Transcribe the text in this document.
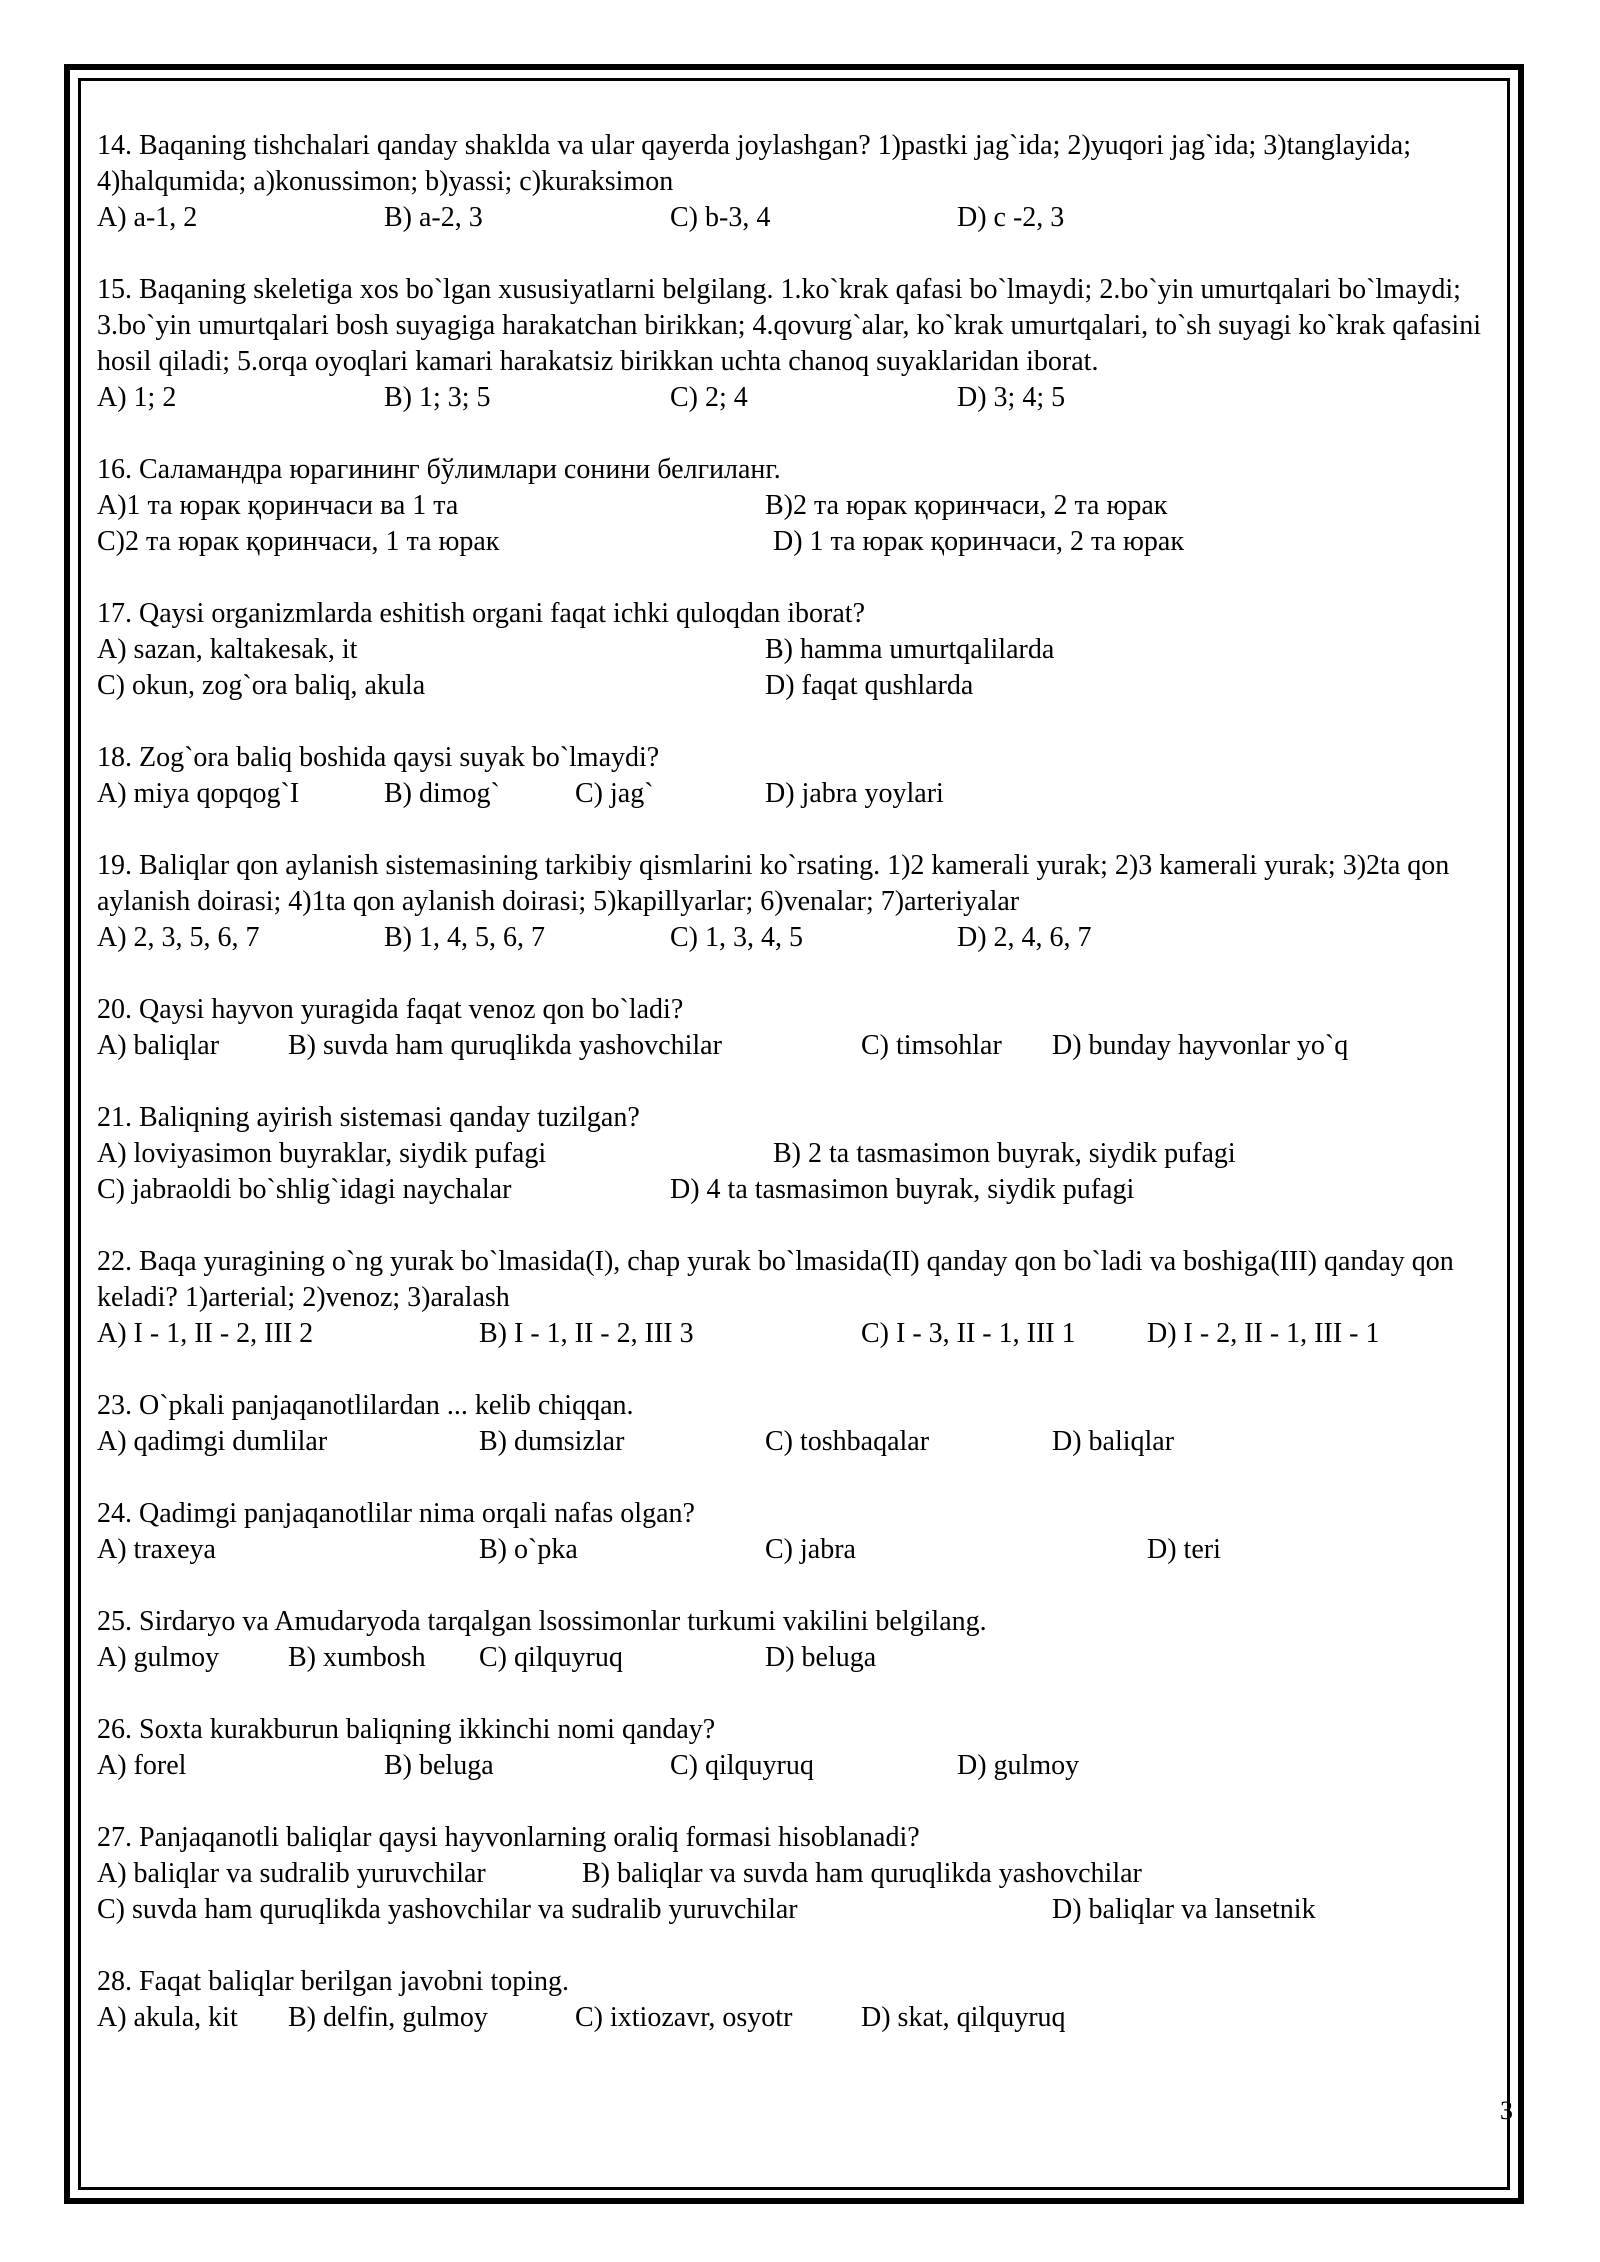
14. Baqaning tishchalari qanday shaklda va ular qayerda joylashgan? 1)pastki jag`ida; 2)yuqori jag`ida; 3)tanglayida; 4)halqumida; a)konussimon; b)yassi; c)kuraksimon

A) a-1, 2	B) a-2, 3	C) b-3, 4	D) c -2, 3

15. Baqaning skeletiga xos bo`lgan xususiyatlarni belgilang. 1.ko`krak qafasi bo`lmaydi; 2.bo`yin umurtqalari bo`lmaydi; 3.bo`yin umurtqalari bosh suyagiga harakatchan birikkan; 4.qovurg`alar, ko`krak umurtqalari, to`sh suyagi ko`krak qafasini hosil qiladi; 5.orqa oyoqlari kamari harakatsiz birikkan uchta chanoq suyaklaridan iborat.

A) 1; 2	B) 1; 3; 5	C) 2; 4	D) 3; 4; 5

16. Саламандра юрагининг бўлимлари сонини белгиланг.

A)1 та юрак қоринчаси ва 1 та	B)2 та юрак қоринчаси, 2 та юрак
C)2 та юрак қоринчаси, 1 та юрак	D) 1 та юрак қоринчаси, 2 та юрак

17. Qaysi organizmlarda eshitish organi faqat ichki quloqdan iborat?

A) sazan, kaltakesak, it	B) hamma umurtqalilarda
C) okun, zog`ora baliq, akula	D) faqat qushlarda

18. Zog`ora baliq boshida qaysi suyak bo`lmaydi?

A) miya qopqog`I	B) dimog`	C) jag`	D) jabra yoylari

19. Baliqlar qon aylanish sistemasining tarkibiy qismlarini ko`rsating. 1)2 kamerali yurak; 2)3 kamerali yurak; 3)2ta qon aylanish doirasi; 4)1ta qon aylanish doirasi; 5)kapillyarlar; 6)venalar; 7)arteriyalar

A) 2, 3, 5, 6, 7	B) 1, 4, 5, 6, 7	C) 1, 3, 4, 5	D) 2, 4, 6, 7

20. Qaysi hayvon yuragida faqat venoz qon bo`ladi?

A) baliqlar B) suvda ham quruqlikda yashovchilar	C) timsohlar D) bunday hayvonlar yo`q

21. Baliqning ayirish sistemasi qanday tuzilgan?

A) loviyasimon buyraklar, siydik pufagi	B) 2 ta tasmasimon buyrak, siydik pufagi
C) jabraoldi bo`shlig`idagi naychalar	D) 4 ta tasmasimon buyrak, siydik pufagi

22. Baqa yuragining o`ng yurak bo`lmasida(I), chap yurak bo`lmasida(II) qanday qon bo`ladi va boshiga(III) qanday qon keladi? 1)arterial; 2)venoz; 3)aralash

A) I - 1, II - 2, III 2	B) I - 1, II - 2, III 3	C) I - 3, II - 1, III 1	D) I - 2, II - 1, III - 1

23. O`pkali panjaqanotlilardan ... kelib chiqqan.

A) qadimgi dumlilar	B) dumsizlar	C) toshbaqalar	D) baliqlar

24. Qadimgi panjaqanotlilar nima orqali nafas olgan?

A) traxeya	B) o`pka	C) jabra	D) teri

25. Sirdaryo va Amudaryoda tarqalgan lsossimonlar turkumi vakilini belgilang.

A) gulmoy B) xumbosh C) qilquyruq	D) beluga

26. Soxta kurakburun baliqning ikkinchi nomi qanday?

A) forel	B) beluga	C) qilquyruq	D) gulmoy

27. Panjaqanotli baliqlar qaysi hayvonlarning oraliq formasi hisoblanadi?

A) baliqlar va sudralib yuruvchilar	B) baliqlar va suvda ham quruqlikda yashovchilar
C) suvda ham quruqlikda yashovchilar va sudralib yuruvchilar	D) baliqlar va lansetnik

28. Faqat baliqlar berilgan javobni toping.

A) akula, kit B) delfin, gulmoy	C) ixtiozavr, osyotr D) skat, qilquyruq
3
